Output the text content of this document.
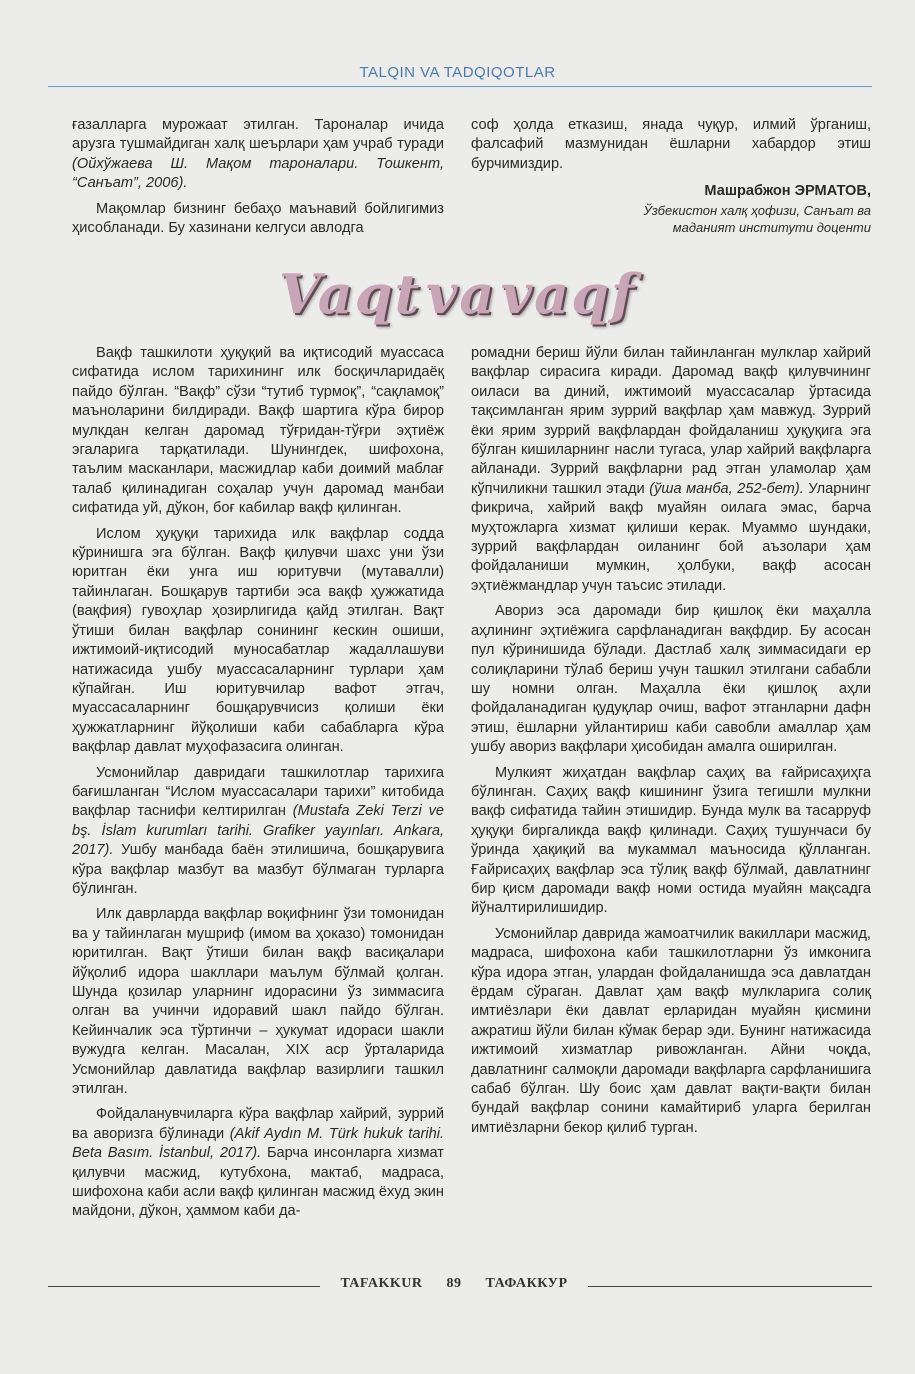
TALQIN VA TADQIQOTLAR

ғазалларга мурожаат этилган. Тароналар ичида арузга тушмайдиган халқ шеърлари ҳам учраб туради (Ойхўжаева Ш. Мақом тароналари. Тошкент, “Санъат”, 2006).

Мақомлар бизнинг бебаҳо маънавий бойлигимиз ҳисобланади. Бу хазинани келгуси авлодга

соф ҳолда етказиш, янада чуқур, илмий ўрганиш, фалсафий мазмунидан ёшларни хабардор этиш бурчимиздир.

Машрабжон ЭРМАТОВ,
Ўзбекистон халқ ҳофизи, Санъат ва
маданият институти доценти
Vaqt va vaqf

Вақф ташкилоти ҳуқуқий ва иқтисодий муассаса сифатида ислом тарихининг илк босқичларидаёқ пайдо бўлган. “Вақф” сўзи “тутиб турмоқ”, “сақламоқ” маъноларини билдиради. Вақф шартига кўра бирор мулкдан келган даромад тўғридан-тўғри эҳтиёж эгаларига тарқатилади. Шунингдек, шифохона, таълим масканлари, масжидлар каби доимий маблағ талаб қилинадиган соҳалар учун даромад манбаи сифатида уй, дўкон, боғ кабилар вақф қилинган.

Ислом ҳуқуқи тарихида илк вақфлар содда кўринишга эга бўлган. Вақф қилувчи шахс уни ўзи юритган ёки унга иш юритувчи (мутавалли) тайинлаган. Бошқарув тартиби эса вақф ҳужжатида (вақфия) гувоҳлар ҳозирлигида қайд этилган. Вақт ўтиши билан вақфлар сонининг кескин ошиши, ижтимоий-иқтисодий муносабатлар жадаллашуви натижасида ушбу муассасаларнинг турлари ҳам кўпайган. Иш юритувчилар вафот этгач, муассасаларнинг бошқарувчисиз қолиши ёки ҳужжатларнинг йўқолиши каби сабабларга кўра вақфлар давлат муҳофазасига олинган.

Усмонийлар давридаги ташкилотлар тарихига бағишланган “Ислом муассасалари тарихи” китобида вақфлар таснифи келтирилган (Mustafa Zeki Terzi ve bş. İslam kurumları tarihi. Grafiker yayınları. Ankara, 2017). Ушбу манбада баён этилишича, бошқарувига кўра вақфлар мазбут ва мазбут бўлмаган турларга бўлинган.

Илк даврларда вақфлар воқифнинг ўзи томонидан ва у тайинлаган мушриф (имом ва ҳоказо) томонидан юритилган. Вақт ўтиши билан вақф васиқалари йўқолиб идора шакллари маълум бўлмай қолган. Шунда қозилар уларнинг идорасини ўз зиммасига олган ва учинчи идоравий шакл пайдо бўлган. Кейинчалик эса тўртинчи – ҳукумат идораси шакли вужудга келган. Масалан, XIX аср ўрталарида Усмонийлар давлатида вақфлар вазирлиги ташкил этилган.

Фойдаланувчиларга кўра вақфлар хайрий, зуррий ва аворизга бўлинади (Akif Aydın M. Türk hukuk tarihi. Beta Basım. İstanbul, 2017). Барча инсонларга хизмат қилувчи масжид, кутубхона, мактаб, мадраса, шифохона каби асли вақф қилинган масжид ёхуд экин майдони, дўкон, ҳаммом каби да-

ромадни бериш йўли билан тайинланган мулклар хайрий вақфлар сирасига киради. Даромад вақф қилувчининг оиласи ва диний, ижтимоий муассасалар ўртасида тақсимланган ярим зуррий вақфлар ҳам мавжуд. Зуррий ёки ярим зуррий вақфлардан фойдаланиш ҳуқуқига эга бўлган кишиларнинг насли тугаса, улар хайрий вақфларга айланади. Зуррий вақфларни рад этган уламолар ҳам кўпчиликни ташкил этади (ўша манба, 252-бет). Уларнинг фикрича, хайрий вақф муайян оилага эмас, барча муҳтожларга хизмат қилиши керак. Муаммо шундаки, зуррий вақфлардан оиланинг бой аъзолари ҳам фойдаланиши мумкин, ҳолбуки, вақф асосан эҳтиёжмандлар учун таъсис этилади.

Авориз эса даромади бир қишлоқ ёки маҳалла аҳлининг эҳтиёжига сарфланадиган вақфдир. Бу асосан пул кўринишида бўлади. Дастлаб халқ зиммасидаги ер солиқларини тўлаб бериш учун ташкил этилгани сабабли шу номни олган. Маҳалла ёки қишлоқ аҳли фойдаланадиган қудуқлар очиш, вафот этганларни дафн этиш, ёшларни уйлантириш каби савобли амаллар ҳам ушбу авориз вақфлари ҳисобидан амалга оширилган.

Мулкият жиҳатдан вақфлар саҳиҳ ва ғайрисаҳиҳга бўлинган. Саҳиҳ вақф кишининг ўзига тегишли мулкни вақф сифатида тайин этишидир. Бунда мулк ва тасарруф ҳуқуқи биргаликда вақф қилинади. Саҳиҳ тушунчаси бу ўринда ҳақиқий ва мукаммал маъносида қўлланган. Ғайрисаҳиҳ вақфлар эса тўлиқ вақф бўлмай, давлатнинг бир қисм даромади вақф номи остида муайян мақсадга йўналтирилишидир.

Усмонийлар даврида жамоатчилик вакиллари масжид, мадраса, шифохона каби ташкилотларни ўз имконига кўра идора этган, улардан фойдаланишда эса давлатдан ёрдам сўраган. Давлат ҳам вақф мулкларига солиқ имтиёзлари ёки давлат ерларидан муайян қисмини ажратиш йўли билан кўмак берар эди. Бунинг натижасида ижтимоий хизматлар ривожланган. Айни чоқда, давлатнинг салмоқли даромади вақфларга сарфланишига сабаб бўлган. Шу боис ҳам давлат вақти-вақти билан бундай вақфлар сонини камайтириб уларга берилган имтиёзларни бекор қилиб турган.

TAFAKKUR 89 ТАФАККУР
